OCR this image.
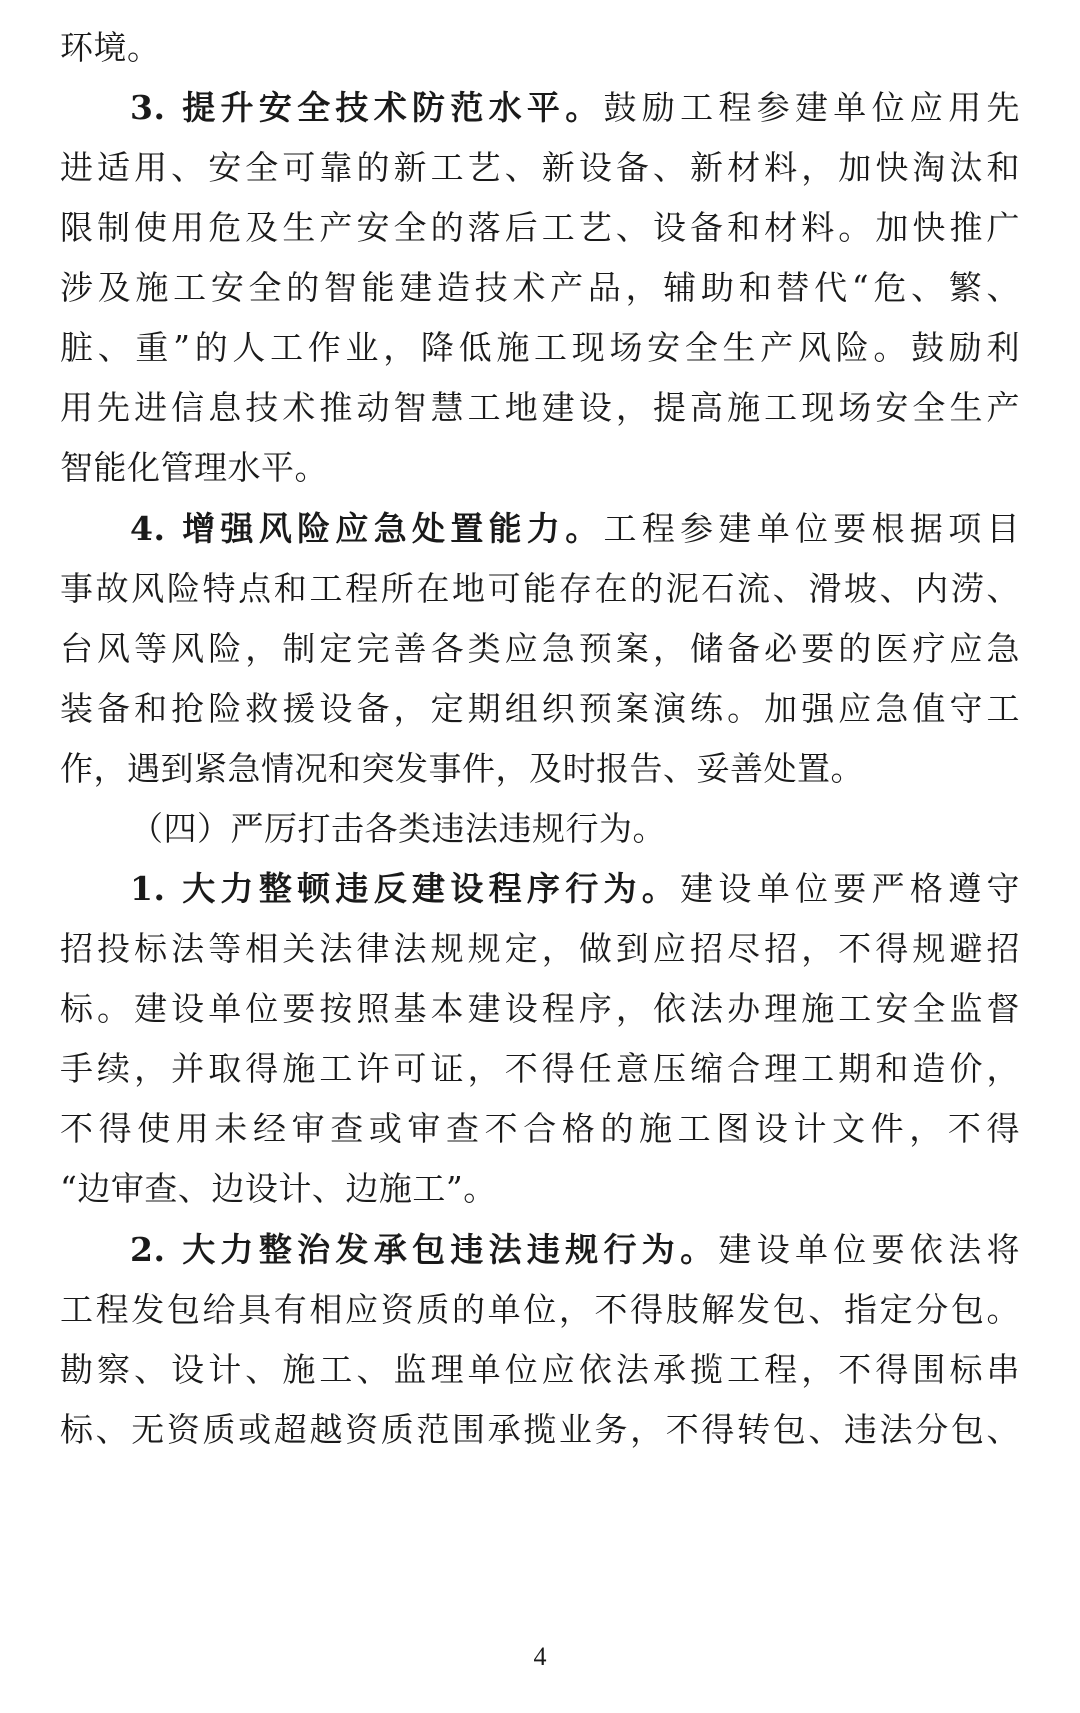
环境。
3. 提升安全技术防范水平。鼓励工程参建单位应用先
进适用、安全可靠的新工艺、新设备、新材料，加快淘汰和
限制使用危及生产安全的落后工艺、设备和材料。加快推广
涉及施工安全的智能建造技术产品，辅助和替代“危、繁、
脏、重”的人工作业，降低施工现场安全生产风险。鼓励利
用先进信息技术推动智慧工地建设，提高施工现场安全生产
智能化管理水平。
4. 增强风险应急处置能力。工程参建单位要根据项目
事故风险特点和工程所在地可能存在的泥石流、滑坡、内涝、
台风等风险，制定完善各类应急预案，储备必要的医疗应急
装备和抢险救援设备，定期组织预案演练。加强应急值守工
作，遇到紧急情况和突发事件，及时报告、妥善处置。
（四）严厉打击各类违法违规行为。
1. 大力整顿违反建设程序行为。建设单位要严格遵守
招投标法等相关法律法规规定，做到应招尽招，不得规避招
标。建设单位要按照基本建设程序，依法办理施工安全监督
手续，并取得施工许可证，不得任意压缩合理工期和造价，
不得使用未经审查或审查不合格的施工图设计文件，不得
“边审查、边设计、边施工”。
2. 大力整治发承包违法违规行为。建设单位要依法将
工程发包给具有相应资质的单位，不得肢解发包、指定分包。
勘察、设计、施工、监理单位应依法承揽工程，不得围标串
标、无资质或超越资质范围承揽业务，不得转包、违法分包、
4
